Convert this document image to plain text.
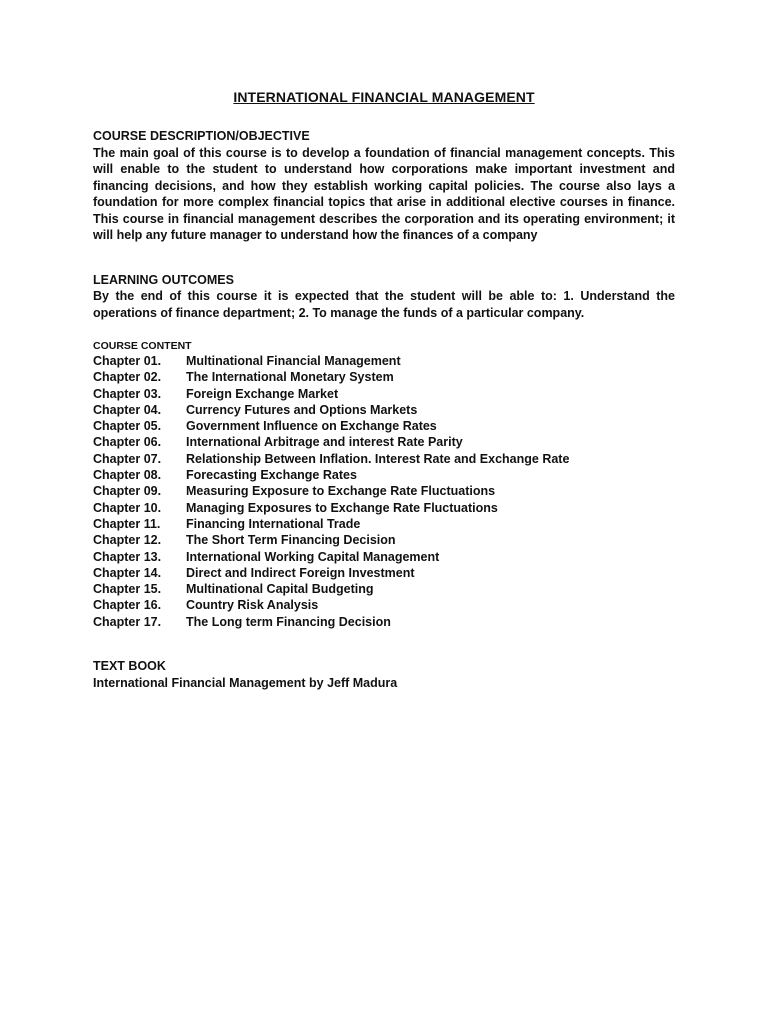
INTERNATIONAL FINANCIAL MANAGEMENT

COURSE DESCRIPTION/OBJECTIVE

The main goal of this course is to develop a foundation of financial management concepts. This will enable to the student to understand how corporations make important investment and financing decisions, and how they establish working capital policies. The course also lays a foundation for more complex financial topics that arise in additional elective courses in finance. This course in financial management describes the corporation and its operating environment; it will help any future manager to understand how the finances of a company

LEARNING OUTCOMES

By the end of this course it is expected that the student will be able to: 1. Understand the operations of finance department; 2. To manage the funds of a particular company.

COURSE CONTENT

Chapter 01.	Multinational Financial Management
Chapter 02.	The International Monetary System
Chapter 03.	Foreign Exchange Market
Chapter 04.	Currency Futures and Options Markets
Chapter 05.	Government Influence on Exchange Rates
Chapter 06.	International Arbitrage and interest Rate Parity
Chapter 07.	Relationship Between Inflation. Interest Rate and Exchange Rate
Chapter 08.	Forecasting Exchange Rates
Chapter 09.	Measuring Exposure to Exchange Rate Fluctuations
Chapter 10.	Managing Exposures to Exchange Rate Fluctuations
Chapter 11.	Financing International Trade
Chapter 12.	The Short Term Financing Decision
Chapter 13.	International Working Capital Management
Chapter 14.	Direct and Indirect Foreign Investment
Chapter 15.	Multinational Capital Budgeting
Chapter 16.	Country Risk Analysis
Chapter 17.	The Long term Financing Decision

TEXT BOOK

International Financial Management by Jeff Madura
